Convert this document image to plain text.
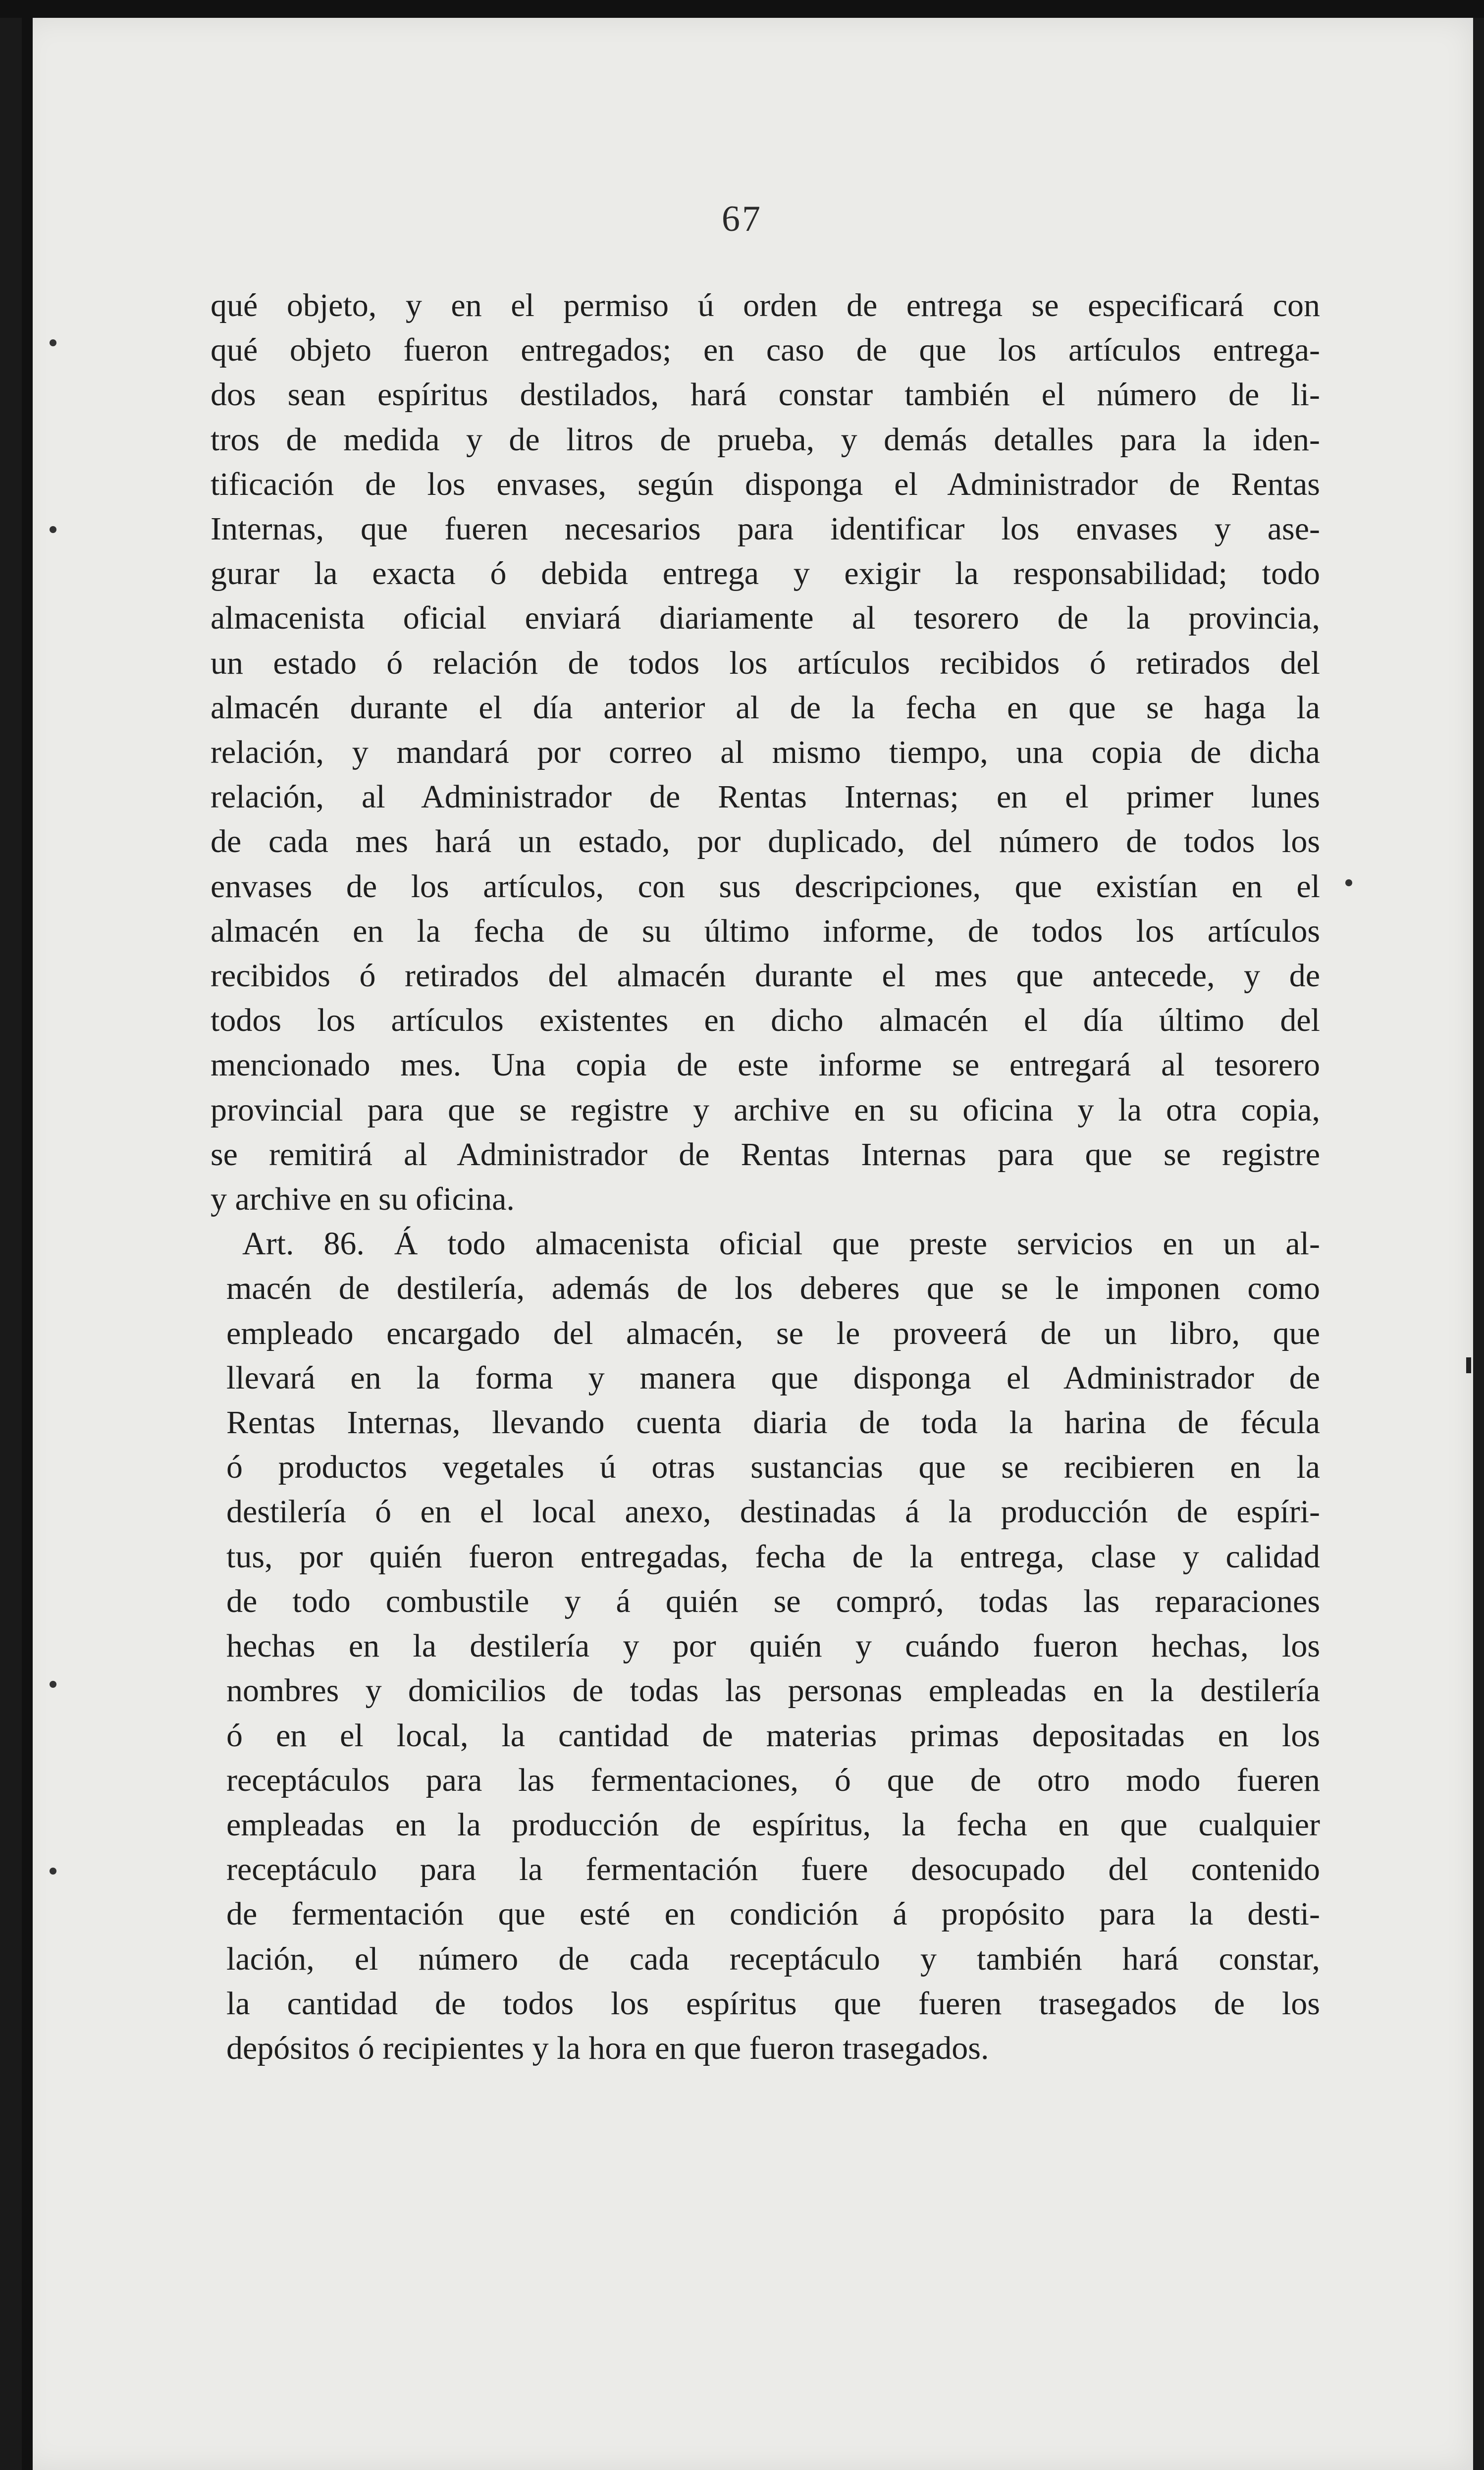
67

qué objeto, y en el permiso ú orden de entrega se especificará con
qué objeto fueron entregados; en caso de que los artículos entrega-
dos sean espíritus destilados, hará constar también el número de li-
tros de medida y de litros de prueba, y demás detalles para la iden-
tificación de los envases, según disponga el Administrador de Rentas
Internas, que fueren necesarios para identificar los envases y ase-
gurar la exacta ó debida entrega y exigir la responsabilidad; todo
almacenista oficial enviará diariamente al tesorero de la provincia,
un estado ó relación de todos los artículos recibidos ó retirados del
almacén durante el día anterior al de la fecha en que se haga la
relación, y mandará por correo al mismo tiempo, una copia de dicha
relación, al Administrador de Rentas Internas; en el primer lunes
de cada mes hará un estado, por duplicado, del número de todos los
envases de los artículos, con sus descripciones, que existían en el
almacén en la fecha de su último informe, de todos los artículos
recibidos ó retirados del almacén durante el mes que antecede, y de
todos los artículos existentes en dicho almacén el día último del
mencionado mes. Una copia de este informe se entregará al tesorero
provincial para que se registre y archive en su oficina y la otra copia,
se remitirá al Administrador de Rentas Internas para que se registre
y archive en su oficina.

Art. 86. Á todo almacenista oficial que preste servicios en un al-
macén de destilería, además de los deberes que se le imponen como
empleado encargado del almacén, se le proveerá de un libro, que
llevará en la forma y manera que disponga el Administrador de
Rentas Internas, llevando cuenta diaria de toda la harina de fécula
ó productos vegetales ú otras sustancias que se recibieren en la
destilería ó en el local anexo, destinadas á la producción de espíri-
tus, por quién fueron entregadas, fecha de la entrega, clase y calidad
de todo combustile y á quién se compró, todas las reparaciones
hechas en la destilería y por quién y cuándo fueron hechas, los
nombres y domicilios de todas las personas empleadas en la destilería
ó en el local, la cantidad de materias primas depositadas en los
receptáculos para las fermentaciones, ó que de otro modo fueren
empleadas en la producción de espíritus, la fecha en que cualquier
receptáculo para la fermentación fuere desocupado del contenido
de fermentación que esté en condición á propósito para la desti-
lación, el número de cada receptáculo y también hará constar,
la cantidad de todos los espíritus que fueren trasegados de los
depósitos ó recipientes y la hora en que fueron trasegados.
